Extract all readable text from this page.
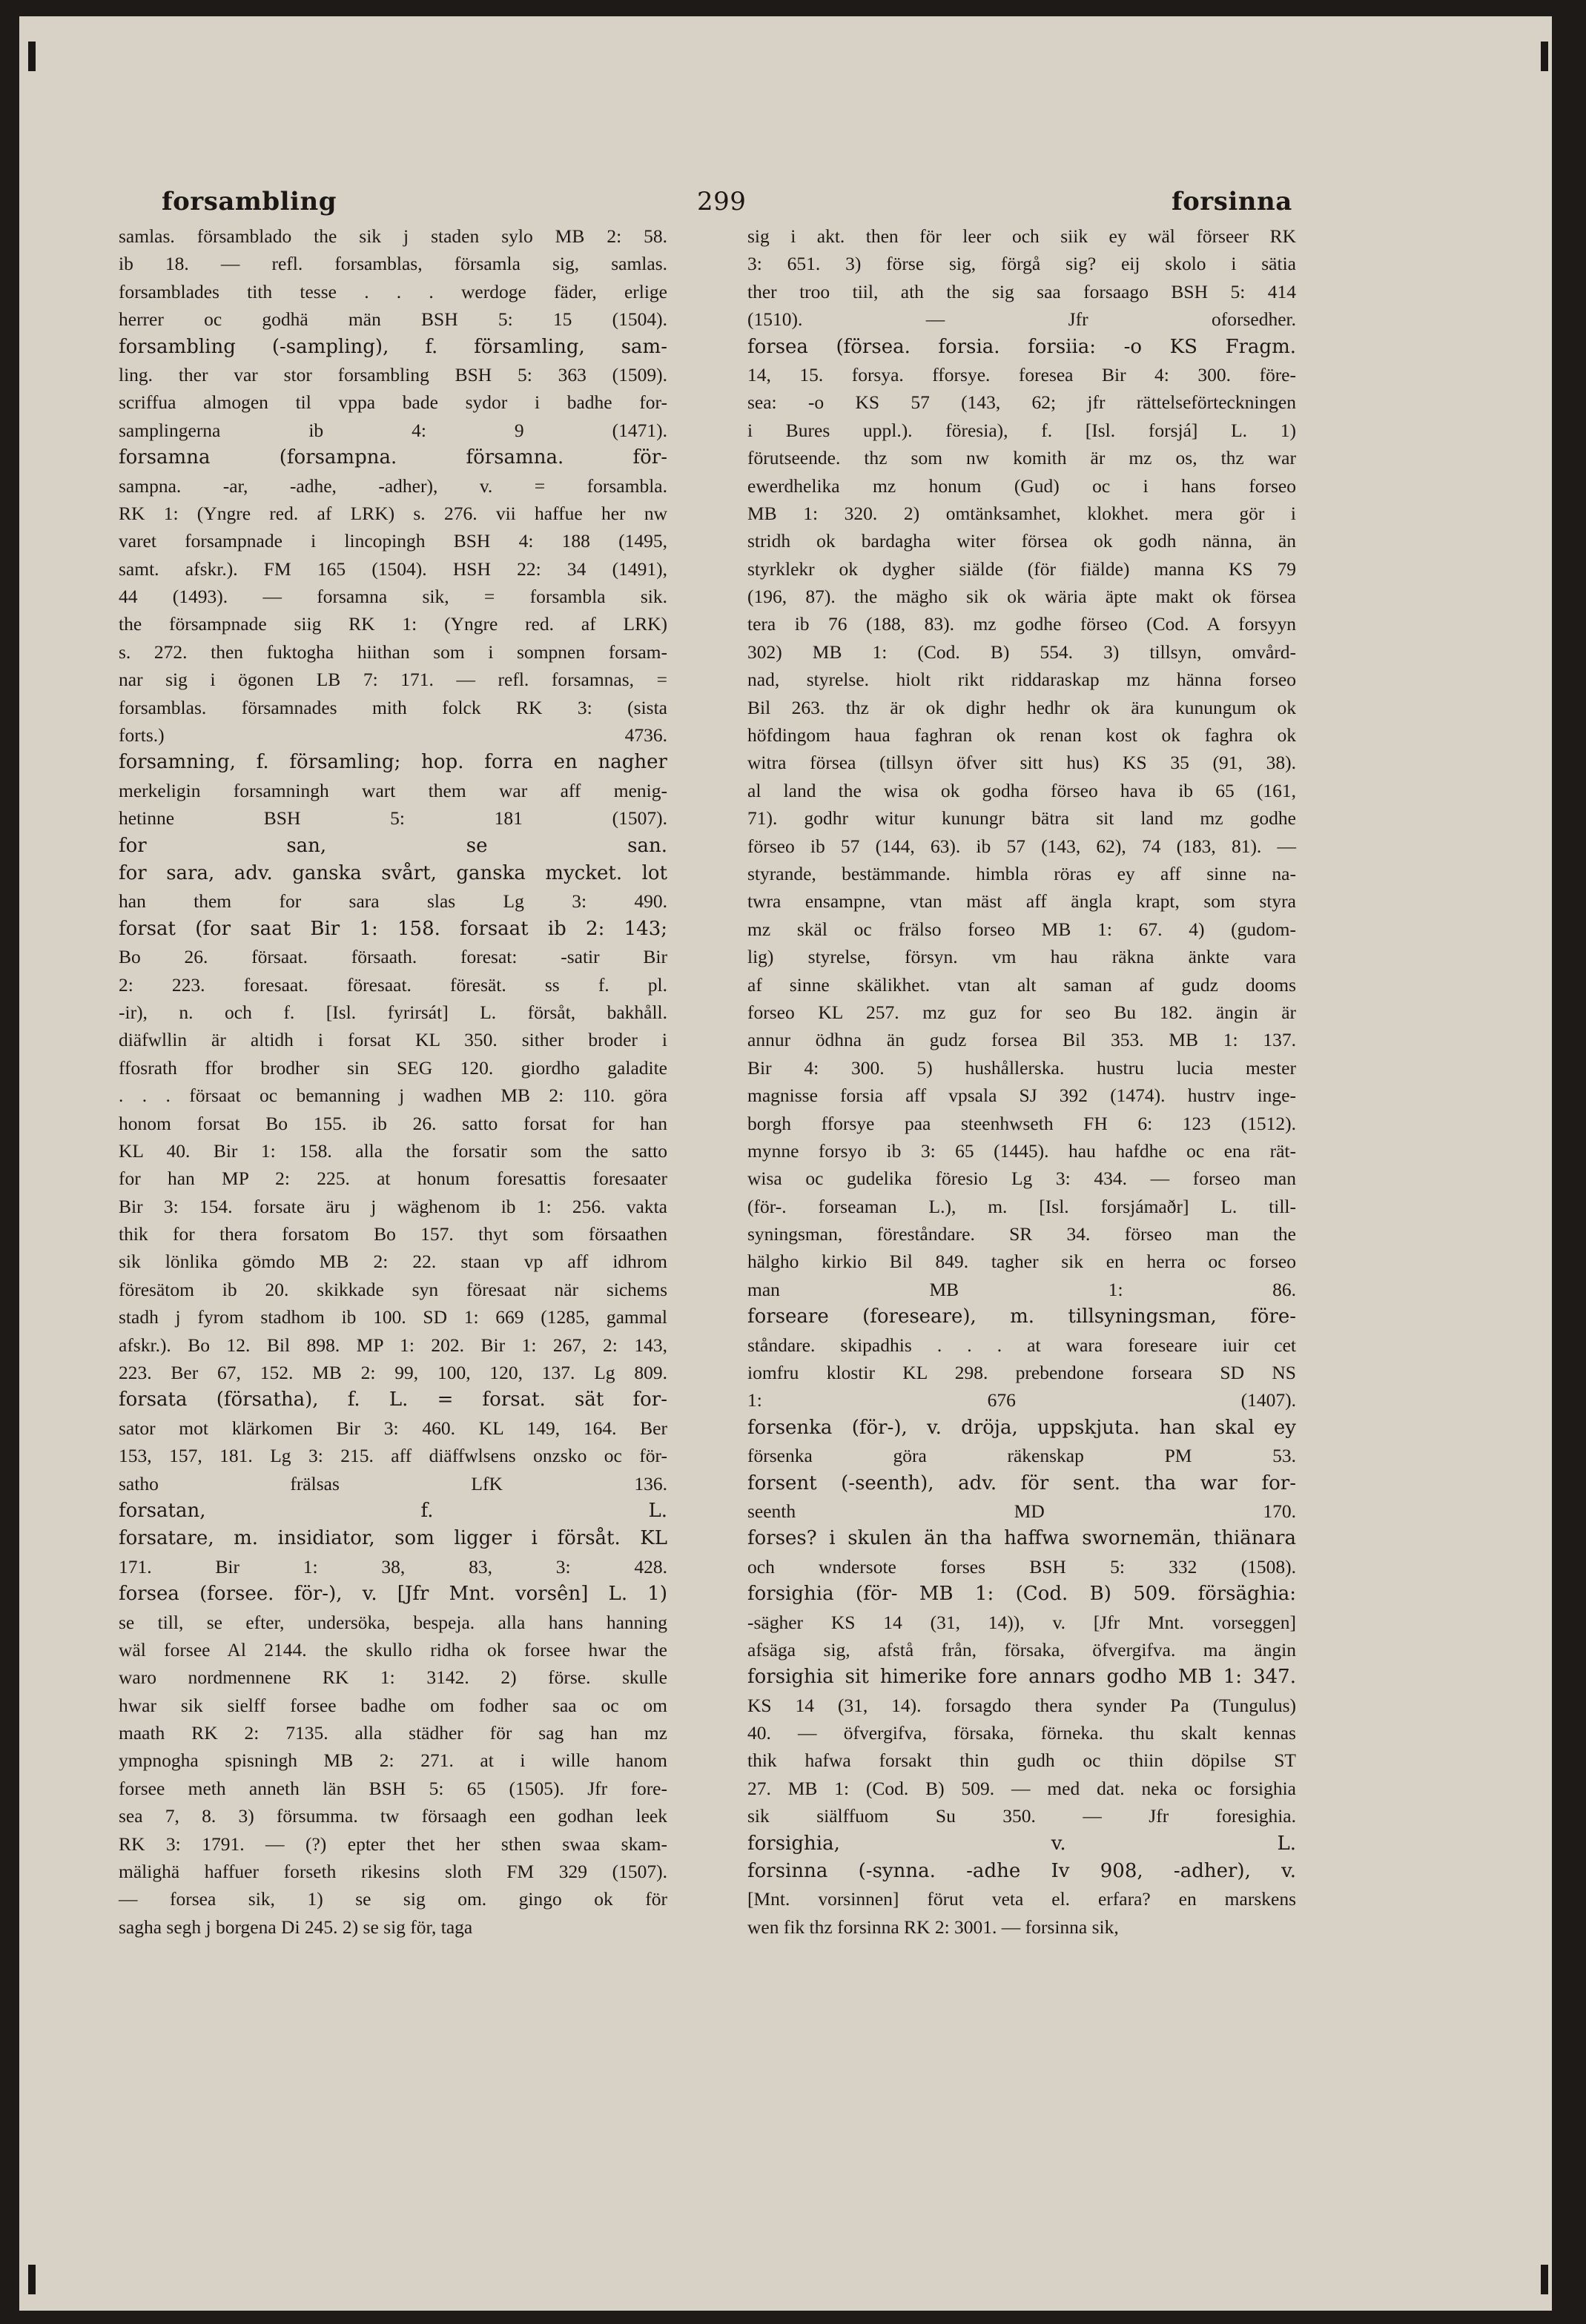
forsambling	299	forsinna
samlas. församblado the sik j staden sylo MB 2: 58.
ib 18. — refl. forsamblas, församla sig, samlas.
forsamblades tith tesse . . . werdoge fäder, erlige
herrer oc godhä män BSH 5: 15 (1504).
forsambling (-sampling), f. församling, sam-
ling. ther var stor forsambling BSH 5: 363 (1509).
scriffua almogen til vppa bade sydor i badhe for-
samplingerna ib 4: 9 (1471).
forsamna (forsampna. församna. för-
sampna. -ar, -adhe, -adher), v. = forsambla.
RK 1: (Yngre red. af LRK) s. 276. vii haffue her nw
varet forsampnade i lincopingh BSH 4: 188 (1495,
samt. afskr.). FM 165 (1504). HSH 22: 34 (1491),
44 (1493). — forsamna sik, = forsambla sik.
the försampnade siig RK 1: (Yngre red. af LRK)
s. 272. then fuktogha hiithan som i sompnen forsam-
nar sig i ögonen LB 7: 171. — refl. forsamnas, =
forsamblas. församnades mith folck RK 3: (sista
forts.) 4736.
forsamning, f. församling; hop. forra en nagher
merkeligin forsamningh wart them war aff menig-
hetinne BSH 5: 181 (1507).
for san, se san.
for sara, adv. ganska svårt, ganska mycket. lot
han them for sara slas Lg 3: 490.
forsat (for saat Bir 1: 158. forsaat ib 2: 143;
Bo 26. försaat. försaath. foresat: -satir Bir
2: 223. foresaat. föresaat. föresät. ss f. pl.
-ir), n. och f. [Isl. fyrirsát] L. försåt, bakhåll.
diäfwllin är altidh i forsat KL 350. sither broder i
ffosrath ffor brodher sin SEG 120. giordho galadite
. . . försaat oc bemanning j wadhen MB 2: 110. göra
honom forsat Bo 155. ib 26. satto forsat for han
KL 40. Bir 1: 158. alla the forsatir som the satto
for han MP 2: 225. at honum foresattis foresaater
Bir 3: 154. forsate äru j wäghenom ib 1: 256. vakta
thik for thera forsatom Bo 157. thyt som försaathen
sik lönlika gömdo MB 2: 22. staan vp aff idhrom
föresätom ib 20. skikkade syn föresaat när sichems
stadh j fyrom stadhom ib 100. SD 1: 669 (1285, gammal
afskr.). Bo 12. Bil 898. MP 1: 202. Bir 1: 267, 2: 143,
223. Ber 67, 152. MB 2: 99, 100, 120, 137. Lg 809.
forsata (försatha), f. L. = forsat. sät for-
sator mot klärkomen Bir 3: 460. KL 149, 164. Ber
153, 157, 181. Lg 3: 215. aff diäffwlsens onzsko oc för-
satho frälsas LfK 136.
forsatan, f. L.
forsatare, m. insidiator, som ligger i försåt. KL
171. Bir 1: 38, 83, 3: 428.
forsea (forsee. för-), v. [Jfr Mnt. vorsên] L. 1)
se till, se efter, undersöka, bespeja. alla hans hanning
wäl forsee Al 2144. the skullo ridha ok forsee hwar the
waro nordmennene RK 1: 3142. 2) förse. skulle
hwar sik sielff forsee badhe om fodher saa oc om
maath RK 2: 7135. alla städher för sag han mz
ympnogha spisningh MB 2: 271. at i wille hanom
forsee meth anneth län BSH 5: 65 (1505). Jfr fore-
sea 7, 8. 3) försumma. tw försaagh een godhan leek
RK 3: 1791. — (?) epter thet her sthen swaa skam-
mälighä haffuer forseth rikesins sloth FM 329 (1507).
— forsea sik, 1) se sig om. gingo ok för
sagha segh j borgena Di 245. 2) se sig för, taga
sig i akt. then för leer och siik ey wäl förseer RK
3: 651. 3) förse sig, förgå sig? eij skolo i sätia
ther troo tiil, ath the sig saa forsaago BSH 5: 414
(1510). — Jfr oforsedher.
forsea (försea. forsia. forsiia: -o KS Fragm.
14, 15. forsya. fforsye. foresea Bir 4: 300. före-
sea: -o KS 57 (143, 62; jfr rättelseförteckningen
i Bures uppl.). föresia), f. [Isl. forsjá] L. 1)
förutseende. thz som nw komith är mz os, thz war
ewerdhelika mz honum (Gud) oc i hans forseo
MB 1: 320. 2) omtänksamhet, klokhet. mera gör i
stridh ok bardagha witer försea ok godh nänna, än
styrklekr ok dygher siälde (för fiälde) manna KS 79
(196, 87). the mägho sik ok wäria äpte makt ok försea
tera ib 76 (188, 83). mz godhe förseo (Cod. A forsyyn
302) MB 1: (Cod. B) 554. 3) tillsyn, omvård-
nad, styrelse. hiolt rikt riddaraskap mz hänna forseo
Bil 263. thz är ok dighr hedhr ok ära kunungum ok
höfdingom haua faghran ok renan kost ok faghra ok
witra försea (tillsyn öfver sitt hus) KS 35 (91, 38).
al land the wisa ok godha förseo hava ib 65 (161,
71). godhr witur kunungr bätra sit land mz godhe
förseo ib 57 (144, 63). ib 57 (143, 62), 74 (183, 81). —
styrande, bestämmande. himbla röras ey aff sinne na-
twra ensampne, vtan mäst aff ängla krapt, som styra
mz skäl oc frälso forseo MB 1: 67. 4) (gudom-
lig) styrelse, försyn. vm hau räkna änkte vara
af sinne skälikhet. vtan alt saman af gudz dooms
forseo KL 257. mz guz for seo Bu 182. ängin är
annur ödhna än gudz forsea Bil 353. MB 1: 137.
Bir 4: 300. 5) hushållerska. hustru lucia mester
magnisse forsia aff vpsala SJ 392 (1474). hustrv inge-
borgh fforsye paa steenhwseth FH 6: 123 (1512).
mynne forsyo ib 3: 65 (1445). hau hafdhe oc ena rät-
wisa oc gudelika föresio Lg 3: 434. — forseo man
(för-. forseaman L.), m. [Isl. forsjámaðr] L. till-
syningsman, föreståndare. SR 34. förseo man the
hälgho kirkio Bil 849. tagher sik en herra oc forseo
man MB 1: 86.
forseare (foreseare), m. tillsyningsman, före-
ståndare. skipadhis . . . at wara foreseare iuir cet
iomfru klostir KL 298. prebendone forseara SD NS
1: 676 (1407).
forsenka (för-), v. dröja, uppskjuta. han skal ey
försenka göra räkenskap PM 53.
forsent (-seenth), adv. för sent. tha war for-
seenth MD 170.
forses? i skulen än tha haffwa swornemän, thiänara
och wndersote forses BSH 5: 332 (1508).
forsighia (för- MB 1: (Cod. B) 509. försäghia:
-sägher KS 14 (31, 14)), v. [Jfr Mnt. vorseggen]
afsäga sig, afstå från, försaka, öfvergifva. ma ängin
forsighia sit himerike fore annars godho MB 1: 347.
KS 14 (31, 14). forsagdo thera synder Pa (Tungulus)
40. — öfvergifva, försaka, förneka. thu skalt kennas
thik hafwa forsakt thin gudh oc thiin döpilse ST
27. MB 1: (Cod. B) 509. — med dat. neka oc forsighia
sik siälffuom Su 350. — Jfr foresighia.
forsighia, v. L.
forsinna (-synna. -adhe Iv 908, -adher), v.
[Mnt. vorsinnen] förut veta el. erfara? en marskens
wen fik thz forsinna RK 2: 3001. — forsinna sik,
